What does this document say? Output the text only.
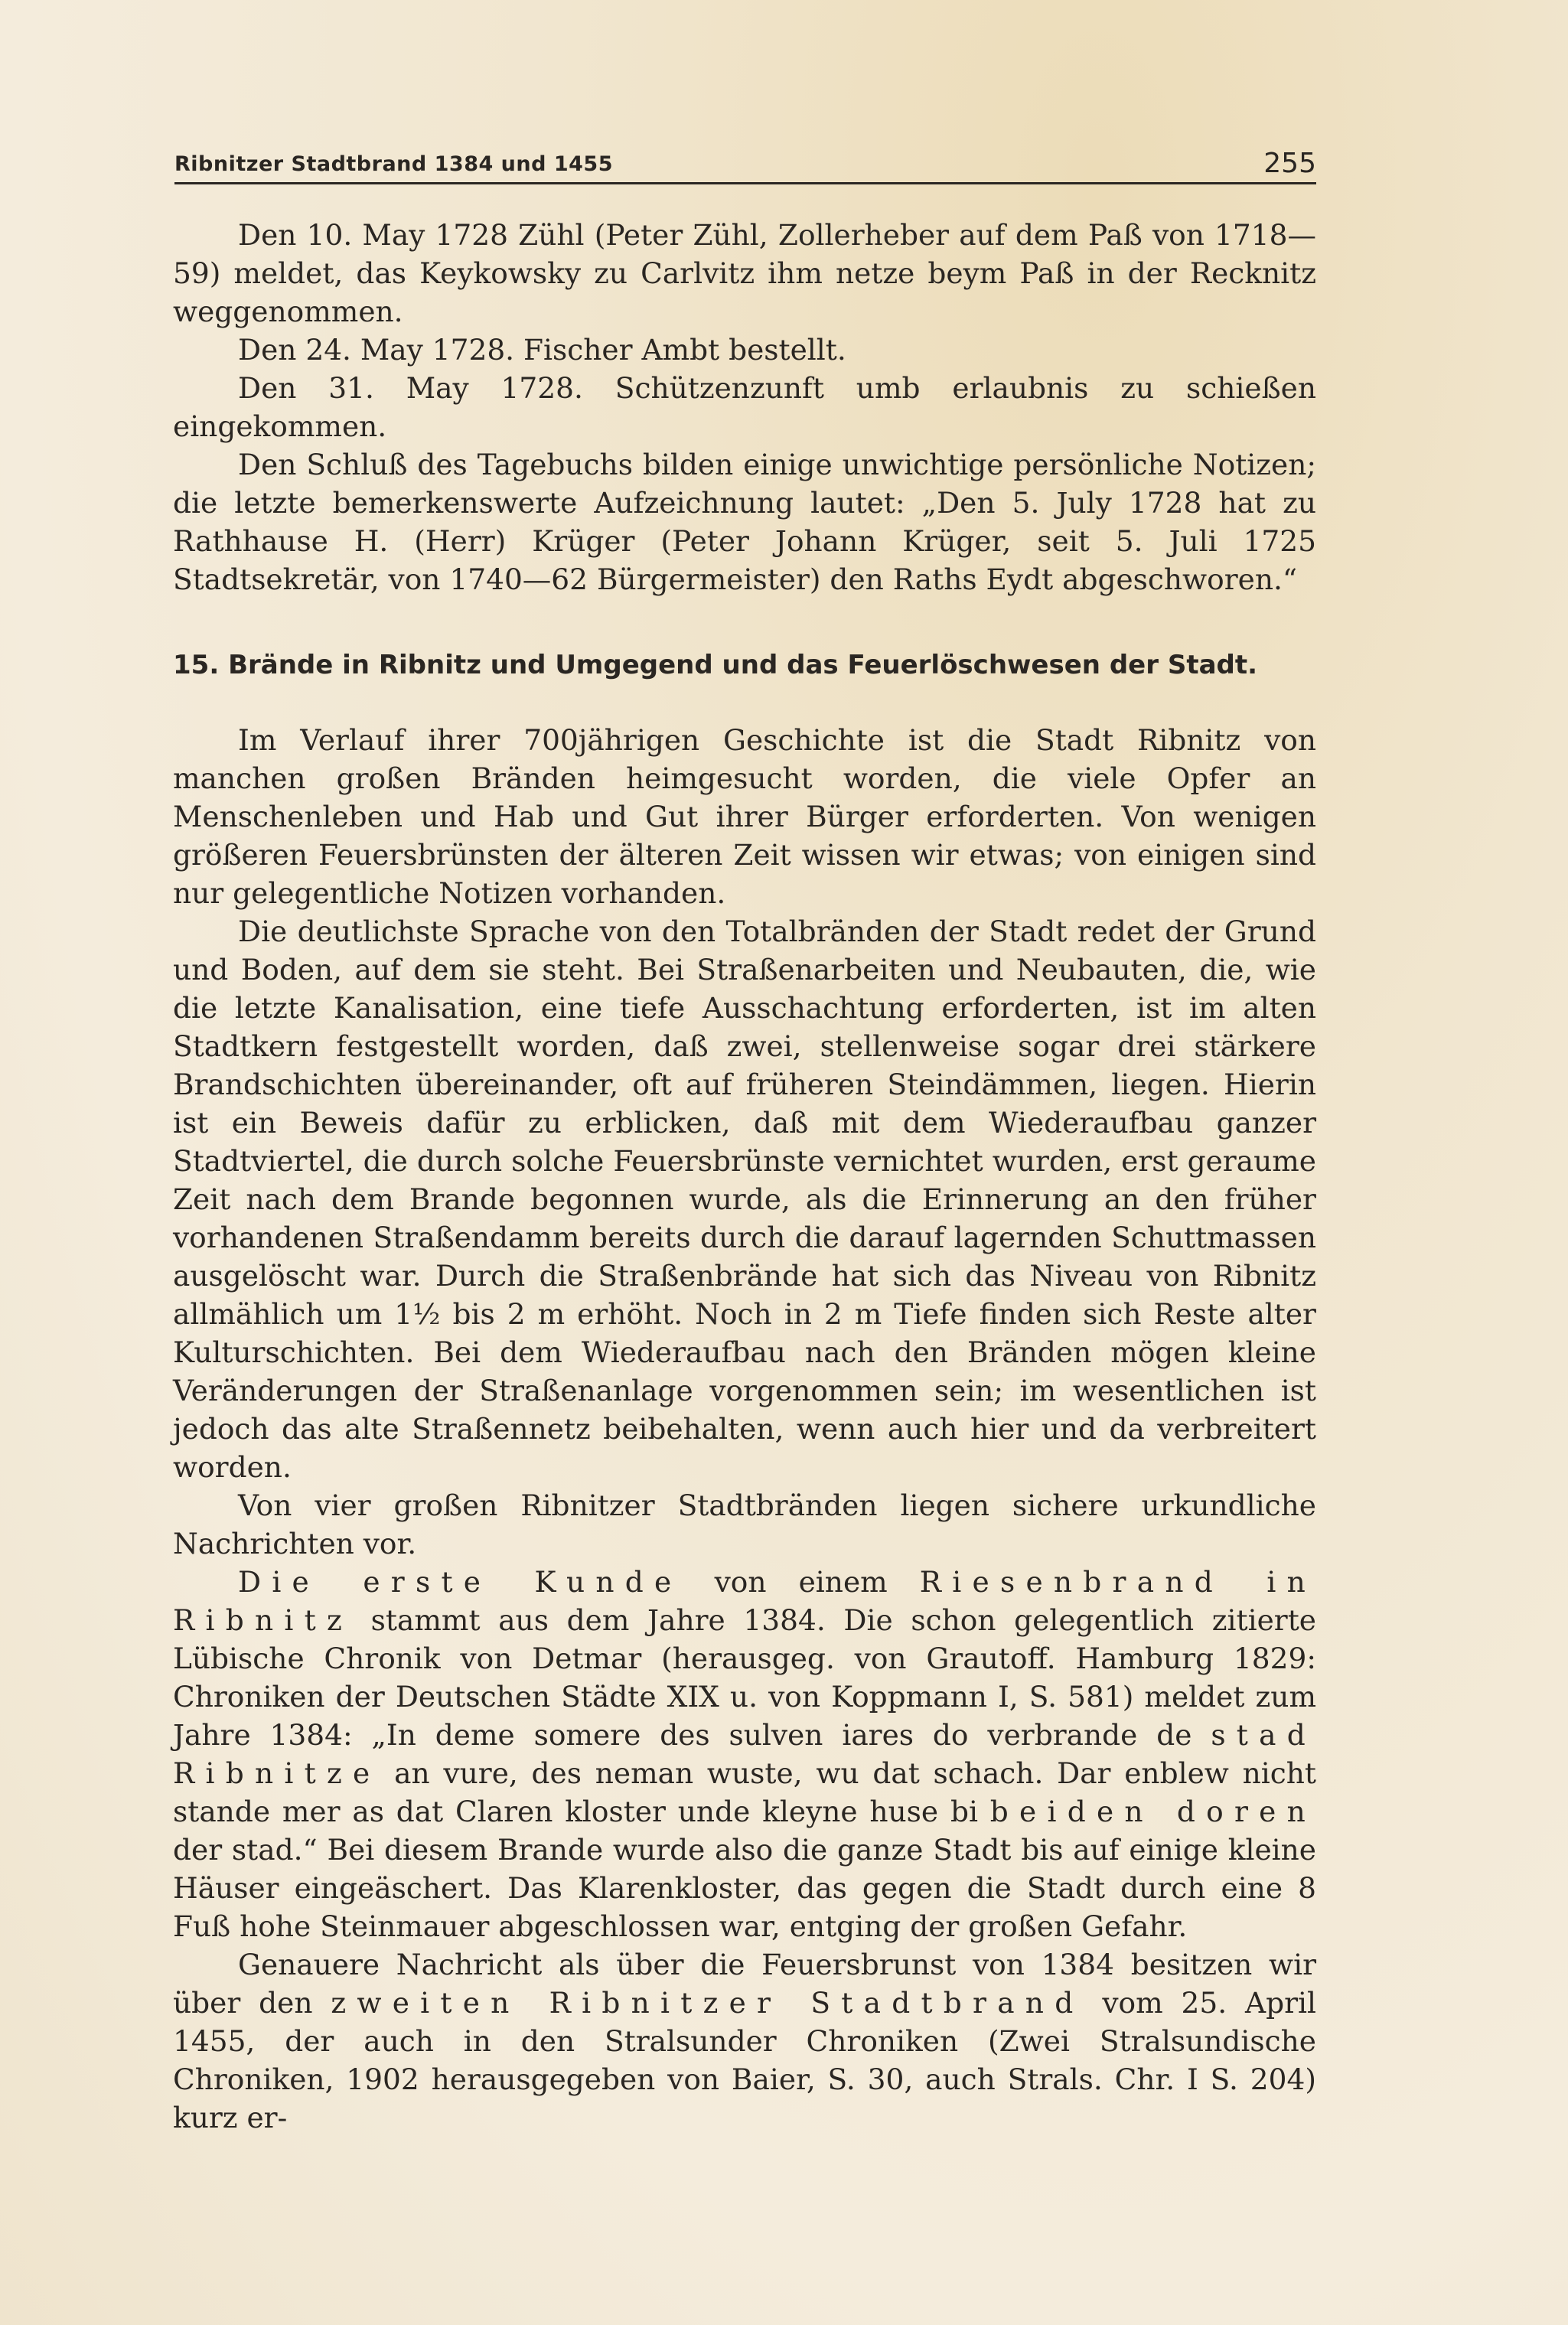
Ribnitzer Stadtbrand 1384 und 1455	255

Den 10. May 1728 Zühl (Peter Zühl, Zollerheber auf dem Paß von 1718—59) meldet, das Keykowsky zu Carlvitz ihm netze beym Paß in der Recknitz weggenommen.

Den 24. May 1728. Fischer Ambt bestellt.

Den 31. May 1728. Schützenzunft umb erlaubnis zu schießen eingekommen.

Den Schluß des Tagebuchs bilden einige unwichtige persönliche Notizen; die letzte bemerkenswerte Aufzeichnung lautet: „Den 5. July 1728 hat zu Rathhause H. (Herr) Krüger (Peter Johann Krüger, seit 5. Juli 1725 Stadtsekretär, von 1740—62 Bürgermeister) den Raths Eydt abgeschworen.“

15. Brände in Ribnitz und Umgegend und das Feuerlöschwesen der Stadt.

Im Verlauf ihrer 700jährigen Geschichte ist die Stadt Ribnitz von manchen großen Bränden heimgesucht worden, die viele Opfer an Menschenleben und Hab und Gut ihrer Bürger erforderten. Von wenigen größeren Feuersbrünsten der älteren Zeit wissen wir etwas; von einigen sind nur gelegentliche Notizen vorhanden.

Die deutlichste Sprache von den Totalbränden der Stadt redet der Grund und Boden, auf dem sie steht. Bei Straßenarbeiten und Neubauten, die, wie die letzte Kanalisation, eine tiefe Ausschachtung erforderten, ist im alten Stadtkern festgestellt worden, daß zwei, stellenweise sogar drei stärkere Brandschichten übereinander, oft auf früheren Steindämmen, liegen. Hierin ist ein Beweis dafür zu erblicken, daß mit dem Wiederaufbau ganzer Stadtviertel, die durch solche Feuersbrünste vernichtet wurden, erst geraume Zeit nach dem Brande begonnen wurde, als die Erinnerung an den früher vorhandenen Straßendamm bereits durch die darauf lagernden Schuttmassen ausgelöscht war. Durch die Straßenbrände hat sich das Niveau von Ribnitz allmählich um 1½ bis 2 m erhöht. Noch in 2 m Tiefe finden sich Reste alter Kulturschichten. Bei dem Wiederaufbau nach den Bränden mögen kleine Veränderungen der Straßenanlage vorgenommen sein; im wesentlichen ist jedoch das alte Straßennetz beibehalten, wenn auch hier und da verbreitert worden.

Von vier großen Ribnitzer Stadtbränden liegen sichere urkundliche Nachrichten vor.

Die erste Kunde von einem Riesenbrand in Ribnitz stammt aus dem Jahre 1384. Die schon gelegentlich zitierte Lübische Chronik von Detmar (herausgeg. von Grautoff. Hamburg 1829: Chroniken der Deutschen Städte XIX u. von Koppmann I, S. 581) meldet zum Jahre 1384: „In deme somere des sulven iares do verbrande de stad Ribnitze an vure, des neman wuste, wu dat schach. Dar enblew nicht stande mer as dat Claren kloster unde kleyne huse bi beiden doren der stad.“ Bei diesem Brande wurde also die ganze Stadt bis auf einige kleine Häuser eingeäschert. Das Klarenkloster, das gegen die Stadt durch eine 8 Fuß hohe Steinmauer abgeschlossen war, entging der großen Gefahr.

Genauere Nachricht als über die Feuersbrunst von 1384 besitzen wir über den zweiten Ribnitzer Stadtbrand vom 25. April 1455, der auch in den Stralsunder Chroniken (Zwei Stralsundische Chroniken, 1902 herausgegeben von Baier, S. 30, auch Strals. Chr. I S. 204) kurz er-
